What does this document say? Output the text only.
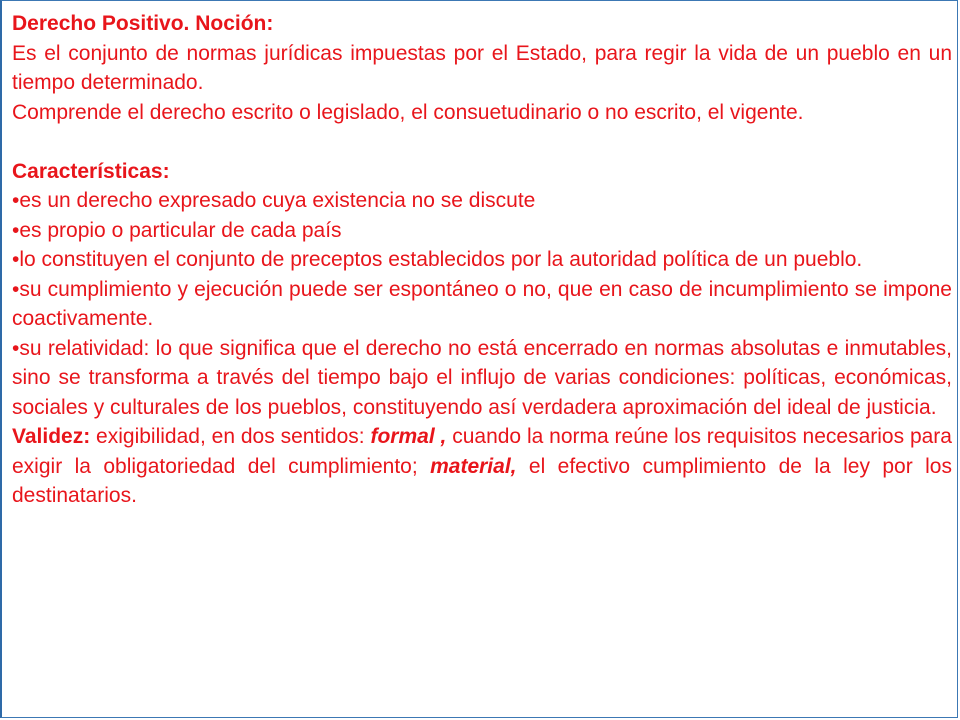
Derecho Positivo. Noción:

Es el conjunto de normas jurídicas impuestas por el Estado, para regir la vida de un pueblo en un tiempo determinado.

Comprende el derecho escrito o legislado, el consuetudinario o no escrito, el vigente.

Características:

•es un derecho expresado cuya existencia no se discute

•es propio o particular de cada país

•lo constituyen el conjunto de preceptos establecidos por la autoridad política de un pueblo.

•su cumplimiento y ejecución puede ser espontáneo o no, que en caso de incumplimiento se impone coactivamente.

•su relatividad: lo que significa que el derecho no está encerrado en normas absolutas e inmutables, sino se transforma a través del tiempo bajo el influjo de varias condiciones: políticas, económicas, sociales y culturales de los pueblos, constituyendo así verdadera aproximación del ideal de justicia.

Validez: exigibilidad, en dos sentidos: formal , cuando la norma reúne los requisitos necesarios para exigir la obligatoriedad del cumplimiento; material, el efectivo cumplimiento de la ley por los destinatarios.
